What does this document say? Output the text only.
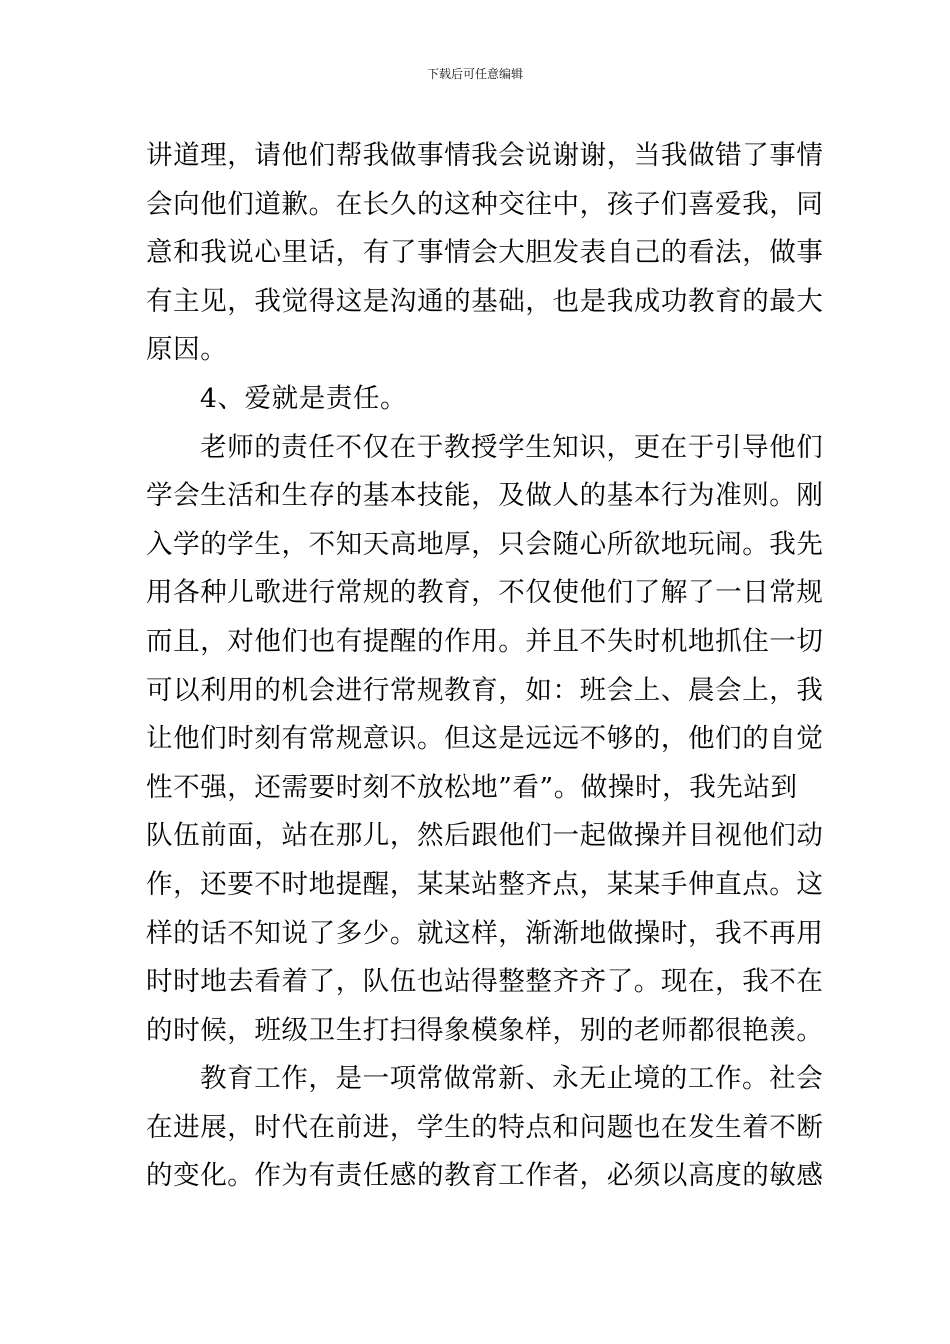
下载后可任意编辑
讲道理，请他们帮我做事情我会说谢谢，当我做错了事情
会向他们道歉。在长久的这种交往中，孩子们喜爱我，同
意和我说心里话，有了事情会大胆发表自己的看法，做事
有主见，我觉得这是沟通的基础，也是我成功教育的最大
原因。
4、爱就是责任。
老师的责任不仅在于教授学生知识，更在于引导他们
学会生活和生存的基本技能，及做人的基本行为准则。刚
入学的学生，不知天高地厚，只会随心所欲地玩闹。我先
用各种儿歌进行常规的教育，不仅使他们了解了一日常规
而且，对他们也有提醒的作用。并且不失时机地抓住一切
可以利用的机会进行常规教育，如：班会上、晨会上，我
让他们时刻有常规意识。但这是远远不够的，他们的自觉
性不强，还需要时刻不放松地”看”。做操时，我先站到
队伍前面，站在那儿，然后跟他们一起做操并目视他们动
作，还要不时地提醒，某某站整齐点，某某手伸直点。这
样的话不知说了多少。就这样，渐渐地做操时，我不再用
时时地去看着了，队伍也站得整整齐齐了。现在，我不在
的时候，班级卫生打扫得象模象样，别的老师都很艳羡。
教育工作，是一项常做常新、永无止境的工作。社会
在进展，时代在前进，学生的特点和问题也在发生着不断
的变化。作为有责任感的教育工作者，必须以高度的敏感
